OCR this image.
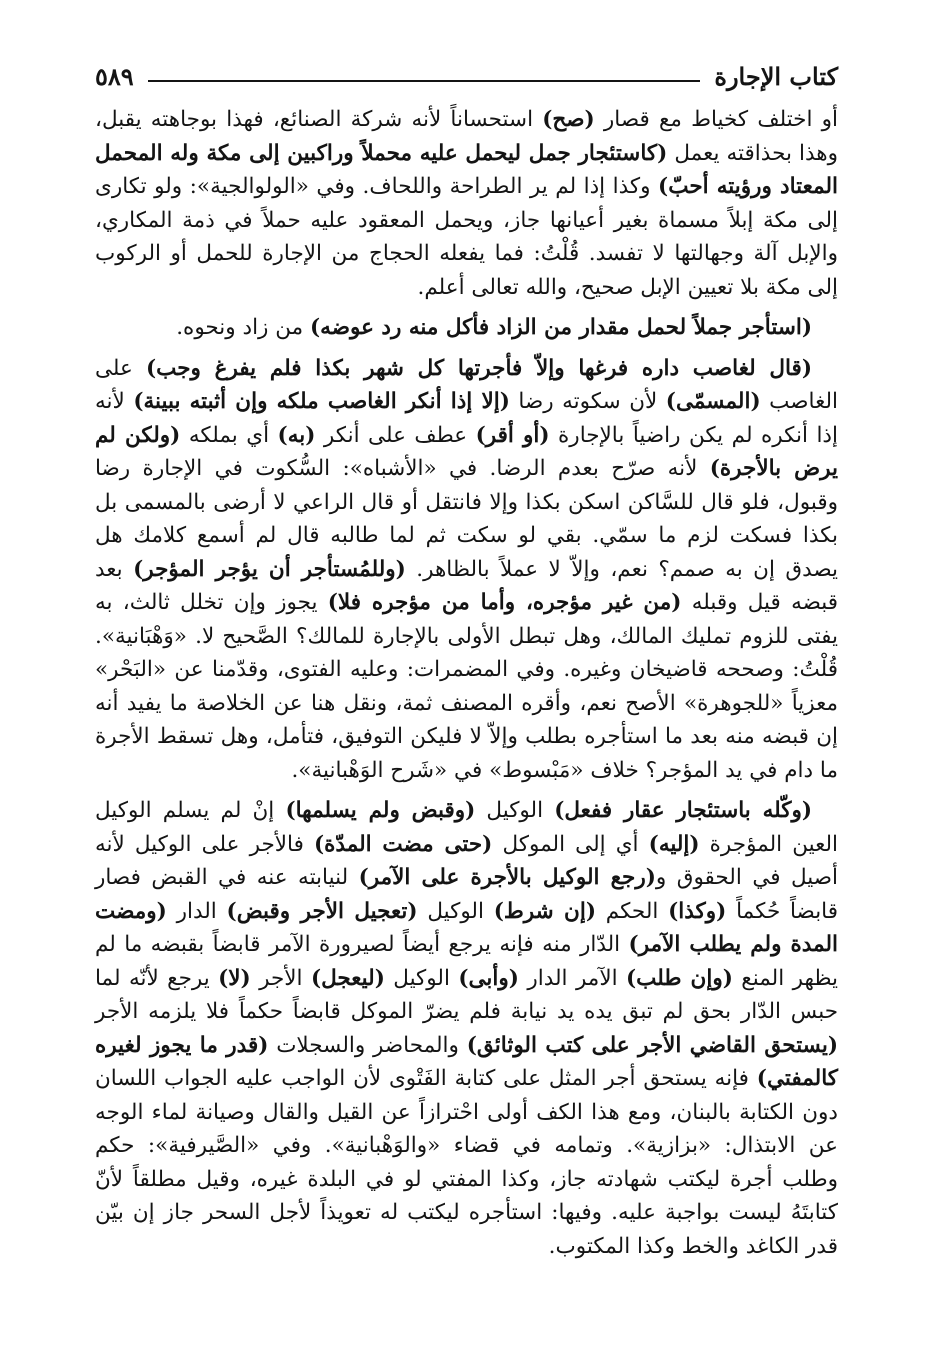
كتاب الإجارة
٥٨٩

أو اختلف كخياط مع قصار (صح) استحساناً لأنه شركة الصنائع، فهذا بوجاهته يقبل، وهذا بحذاقته يعمل (كاستئجار جمل ليحمل عليه محملاً وراكبين إلى مكة وله المحمل المعتاد ورؤيته أحبّ) وكذا إذا لم ير الطراحة واللحاف. وفي «الولوالجية»: ولو تكارى إلى مكة إبلاً مسماة بغير أعيانها جاز، ويحمل المعقود عليه حملاً في ذمة المكاري، والإبل آلة وجهالتها لا تفسد. قُلْتُ: فما يفعله الحجاج من الإجارة للحمل أو الركوب إلى مكة بلا تعيين الإبل صحيح، والله تعالى أعلم.

(استأجر جملاً لحمل مقدار من الزاد فأكل منه رد عوضه) من زاد ونحوه.

(قال لغاصب داره فرغها وإلاّ فأجرتها كل شهر بكذا فلم يفرغ وجب) على الغاصب (المسمّى) لأن سكوته رضا (إلا إذا أنكر الغاصب ملكه وإن أثبته ببينة) لأنه إذا أنكره لم يكن راضياً بالإجارة (أو أقر) عطف على أنكر (به) أي بملكه (ولكن لم يرض بالأجرة) لأنه صرّح بعدم الرضا. في «الأشباه»: السُّكوت في الإجارة رضا وقبول، فلو قال للسَّاكن اسكن بكذا وإلا فانتقل أو قال الراعي لا أرضى بالمسمى بل بكذا فسكت لزم ما سمّي. بقي لو سكت ثم لما طالبه قال لم أسمع كلامك هل يصدق إن به صمم؟ نعم، وإلاّ لا عملاً بالظاهر. (وللمُستأجر أن يؤجر المؤجر) بعد قبضه قيل وقبله (من غير مؤجره، وأما من مؤجره فلا) يجوز وإن تخلل ثالث، به يفتى للزوم تمليك المالك، وهل تبطل الأولى بالإجارة للمالك؟ الصَّحيح لا. «وَهْبَانية». قُلْتُ: وصححه قاضيخان وغيره. وفي المضمرات: وعليه الفتوى، وقدّمنا عن «البَحْر» معزياً «للجوهرة» الأصح نعم، وأقره المصنف ثمة، ونقل هنا عن الخلاصة ما يفيد أنه إن قبضه منه بعد ما استأجره بطلب وإلاّ لا فليكن التوفيق، فتأمل، وهل تسقط الأجرة ما دام في يد المؤجر؟ خلاف «مَبْسوط» في «شَرح الوَهْبانية».

(وكّله باستئجار عقار ففعل) الوكيل (وقبض ولم يسلمها) إنْ لم يسلم الوكيل العين المؤجرة (إليه) أي إلى الموكل (حتى مضت المدّة) فالأجر على الوكيل لأنه أصيل في الحقوق و(رجع الوكيل بالأجرة على الآمر) لنيابته عنه في القبض فصار قابضاً حُكماً (وكذا) الحكم (إن شرط) الوكيل (تعجيل الأجر وقبض) الدار (ومضت المدة ولم يطلب الآمر) الدّار منه فإنه يرجع أيضاً لصيرورة الآمر قابضاً بقبضه ما لم يظهر المنع (وإن طلب) الآمر الدار (وأبى) الوكيل (ليعجل) الأجر (لا) يرجع لأنّه لما حبس الدّار بحق لم تبق يده يد نيابة فلم يضرّ الموكل قابضاً حكماً فلا يلزمه الأجر (يستحق القاضي الأجر على كتب الوثائق) والمحاضر والسجلات (قدر ما يجوز لغيره كالمفتي) فإنه يستحق أجر المثل على كتابة الفَتْوى لأن الواجب عليه الجواب اللسان دون الكتابة بالبنان، ومع هذا الكف أولى احْترازاً عن القيل والقال وصيانة لماء الوجه عن الابتذال: «بزازية». وتمامه في قضاء «والوَهْبانية». وفي «الصَّيرفية»: حكم وطلب أجرة ليكتب شهادته جاز، وكذا المفتي لو في البلدة غيره، وقيل مطلقاً لأنّ كتابتَهُ ليست بواجبة عليه. وفيها: استأجره ليكتب له تعويذاً لأجل السحر جاز إن بيّن قدر الكاغد والخط وكذا المكتوب.
